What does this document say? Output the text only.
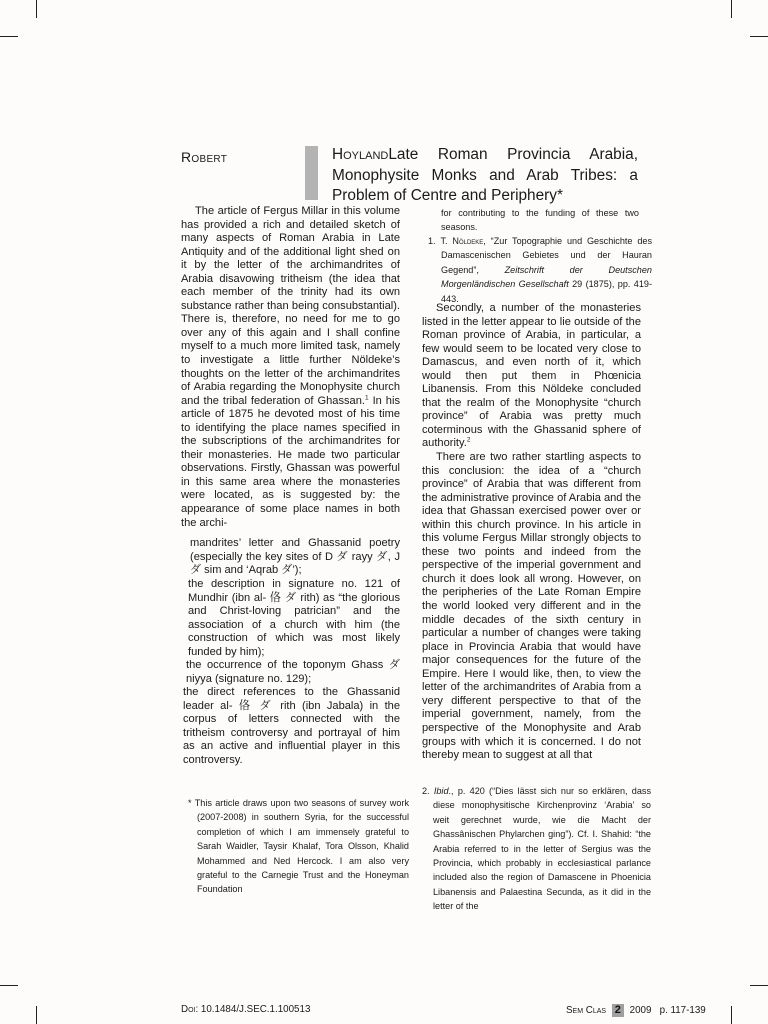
Robert	HoylandLate Roman Provincia Arabia, Monophysite Monks and Arab Tribes: a Problem of Centre and Periphery*

The article of Fergus Millar in this volume has provided a rich and detailed sketch of many aspects of Roman Arabia in Late Antiquity and of the additional light shed on it by the letter of the archimandrites of Arabia disavowing tritheism (the idea that each member of the trinity had its own substance rather than being consubstantial). There is, therefore, no need for me to go over any of this again and I shall confine myself to a much more limited task, namely to investigate a little further Nöldeke’s thoughts on the letter of the archimandrites of Arabia regarding the Monophysite church and the tribal federation of Ghassan.$^1$ In his article of 1875 he devoted most of his time to identifying the place names specified in the subscriptions of the archimandrites for their monasteries. He made two particular observations. Firstly, Ghassan was powerful in this same area where the monasteries were located, as is suggested by: the appearance of some place names in both the archi-

mandrites’ letter and Ghassanid poetry (especially the key sites of D ダ rayy ダ, J ダ sim and ‘Aqrab ダ’);
the description in signature no. 121 of Mundhir (ibn al- 佫 ダ rith) as “the glorious and Christ-loving patrician” and the association of a church with him (the construction of which was most likely funded by him);
the occurrence of the toponym Ghass ダ niyya (signature no. 129);
the direct references to the Ghassanid leader al- 佫 ダ rith (ibn Jabala) in the corpus of letters connected with the tritheism controversy and portrayal of him as an active and influential player in this controversy.
for contributing to the funding of these two seasons.
1. T. Nöldeke, “Zur Topographie und Geschichte des Damascenischen Gebietes und der Hauran Gegend”, Zeitschrift der Deutschen Morgenländischen Gesellschaft 29 (1875), pp. 419-443.

Secondly, a number of the monasteries listed in the letter appear to lie outside of the Roman province of Arabia, in particular, a few would seem to be located very close to Damascus, and even north of it, which would then put them in Phœnicia Libanensis. From this Nöldeke concluded that the realm of the Monophysite “church province” of Arabia was pretty much coterminous with the Ghassanid sphere of authority.$^2$

There are two rather startling aspects to this conclusion: the idea of a “church province” of Arabia that was different from the administrative province of Arabia and the idea that Ghassan exercised power over or within this church province. In his article in this volume Fergus Millar strongly objects to these two points and indeed from the perspective of the imperial government and church it does look all wrong. However, on the peripheries of the Late Roman Empire the world looked very different and in the middle decades of the sixth century in particular a number of changes were taking place in Provincia Arabia that would have major consequences for the future of the Empire. Here I would like, then, to view the letter of the archimandrites of Arabia from a very different perspective to that of the imperial government, namely, from the perspective of the Monophysite and Arab groups with which it is concerned. I do not thereby mean to suggest at all that

* This article draws upon two seasons of survey work (2007-2008) in southern Syria, for the successful completion of which I am immensely grateful to Sarah Waidler, Taysir Khalaf, Tora Olsson, Khalid Mohammed and Ned Hercock. I am also very grateful to the Carnegie Trust and the Honeyman Foundation
2. Ibid., p. 420 (“Dies lässt sich nur so erklären, dass diese monophysitische Kirchenprovinz ‘Arabia’ so weit gerechnet wurde, wie die Macht der Ghassânischen Phylarchen ging”). Cf. I. Shahid: “the Arabia referred to in the letter of Sergius was the Provincia, which probably in ecclesiastical parlance included also the region of Damascene in Phoenicia Libanensis and Palaestina Secunda, as it did in the letter of the
Doi: 10.1484/J.SEC.1.100513	Sem Clas 2 2009 p. 117-139
